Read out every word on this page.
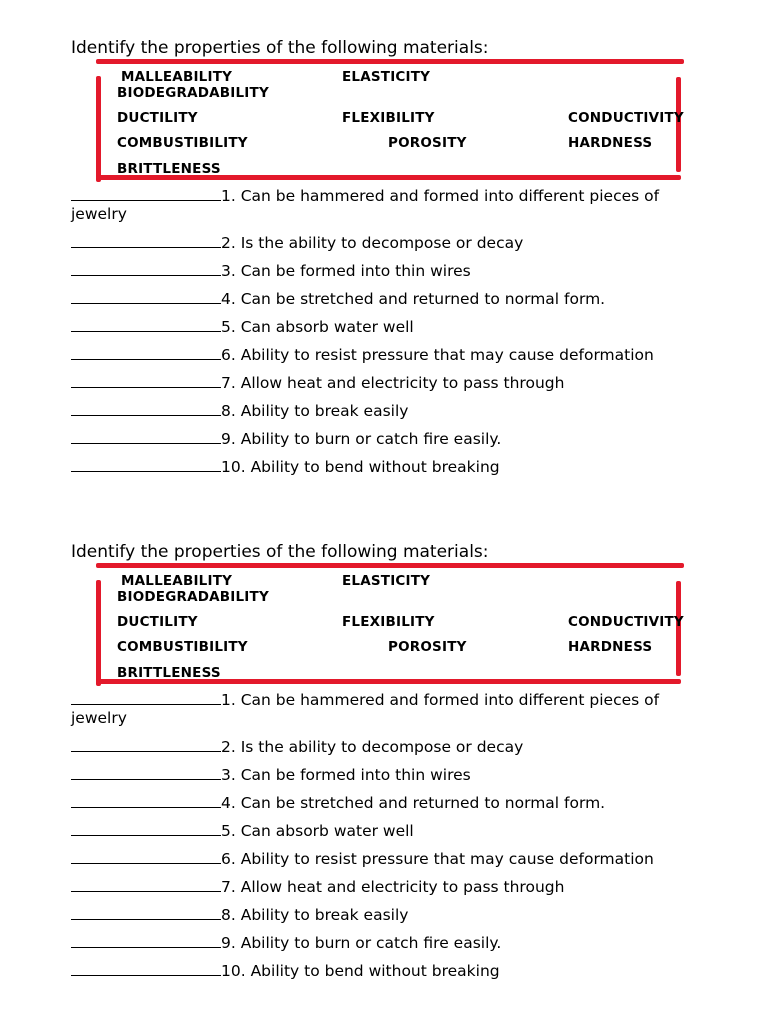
Identify the properties of the following materials:
MALLEABILITY	ELASTICITY
BIODEGRADABILITY
DUCTILITY	FLEXIBILITY	CONDUCTIVITY
COMBUSTIBILITY	POROSITY	HARDNESS
BRITTLENESS
1. Can be hammered and formed into different pieces of
jewelry
2. Is the ability to decompose or decay
3. Can be formed into thin wires
4. Can be stretched and returned to normal form.
5. Can absorb water well
6. Ability to resist pressure that may cause deformation
7. Allow heat and electricity to pass through
8. Ability to break easily
9. Ability to burn or catch fire easily.
10. Ability to bend without breaking
Identify the properties of the following materials:
MALLEABILITY	ELASTICITY
BIODEGRADABILITY
DUCTILITY	FLEXIBILITY	CONDUCTIVITY
COMBUSTIBILITY	POROSITY	HARDNESS
BRITTLENESS
1. Can be hammered and formed into different pieces of
jewelry
2. Is the ability to decompose or decay
3. Can be formed into thin wires
4. Can be stretched and returned to normal form.
5. Can absorb water well
6. Ability to resist pressure that may cause deformation
7. Allow heat and electricity to pass through
8. Ability to break easily
9. Ability to burn or catch fire easily.
10. Ability to bend without breaking
